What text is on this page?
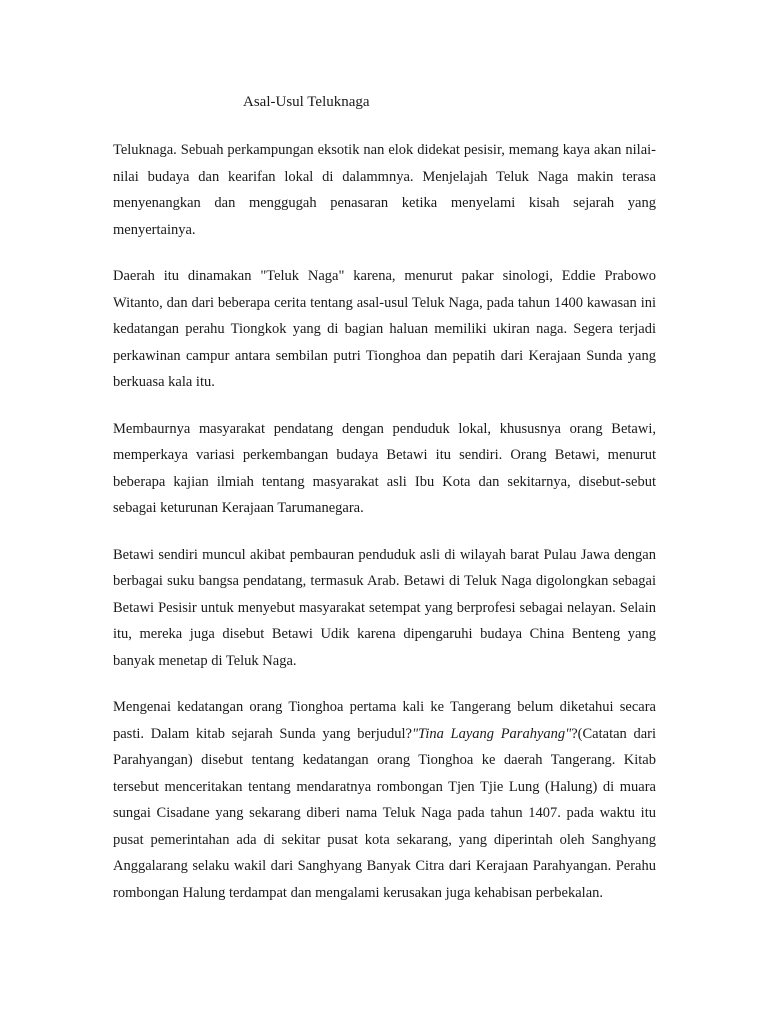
Asal-Usul Teluknaga

Teluknaga. Sebuah perkampungan eksotik nan elok didekat pesisir, memang kaya akan nilai-nilai budaya dan kearifan lokal di dalammnya. Menjelajah Teluk Naga makin terasa menyenangkan dan menggugah penasaran ketika menyelami kisah sejarah yang menyertainya.

Daerah itu dinamakan "Teluk Naga" karena, menurut pakar sinologi, Eddie Prabowo Witanto, dan dari beberapa cerita tentang asal-usul Teluk Naga, pada tahun 1400 kawasan ini kedatangan perahu Tiongkok yang di bagian haluan memiliki ukiran naga. Segera terjadi perkawinan campur antara sembilan putri Tionghoa dan pepatih dari Kerajaan Sunda yang berkuasa kala itu.

Membaurnya masyarakat pendatang dengan penduduk lokal, khususnya orang Betawi, memperkaya variasi perkembangan budaya Betawi itu sendiri. Orang Betawi, menurut beberapa kajian ilmiah tentang masyarakat asli Ibu Kota dan sekitarnya, disebut-sebut sebagai keturunan Kerajaan Tarumanegara.

Betawi sendiri muncul akibat pembauran penduduk asli di wilayah barat Pulau Jawa dengan berbagai suku bangsa pendatang, termasuk Arab. Betawi di Teluk Naga digolongkan sebagai Betawi Pesisir untuk menyebut masyarakat setempat yang berprofesi sebagai nelayan. Selain itu, mereka juga disebut Betawi Udik karena dipengaruhi budaya China Benteng yang banyak menetap di Teluk Naga.

Mengenai kedatangan orang Tionghoa pertama kali ke Tangerang belum diketahui secara pasti. Dalam kitab sejarah Sunda yang berjudul?"Tina Layang Parahyang"?(Catatan dari Parahyangan) disebut tentang kedatangan orang Tionghoa ke daerah Tangerang. Kitab tersebut menceritakan tentang mendaratnya rombongan Tjen Tjie Lung (Halung) di muara sungai Cisadane yang sekarang diberi nama Teluk Naga pada tahun 1407. pada waktu itu pusat pemerintahan ada di sekitar pusat kota sekarang, yang diperintah oleh Sanghyang Anggalarang selaku wakil dari Sanghyang Banyak Citra dari Kerajaan Parahyangan. Perahu rombongan Halung terdampat dan mengalami kerusakan juga kehabisan perbekalan.
